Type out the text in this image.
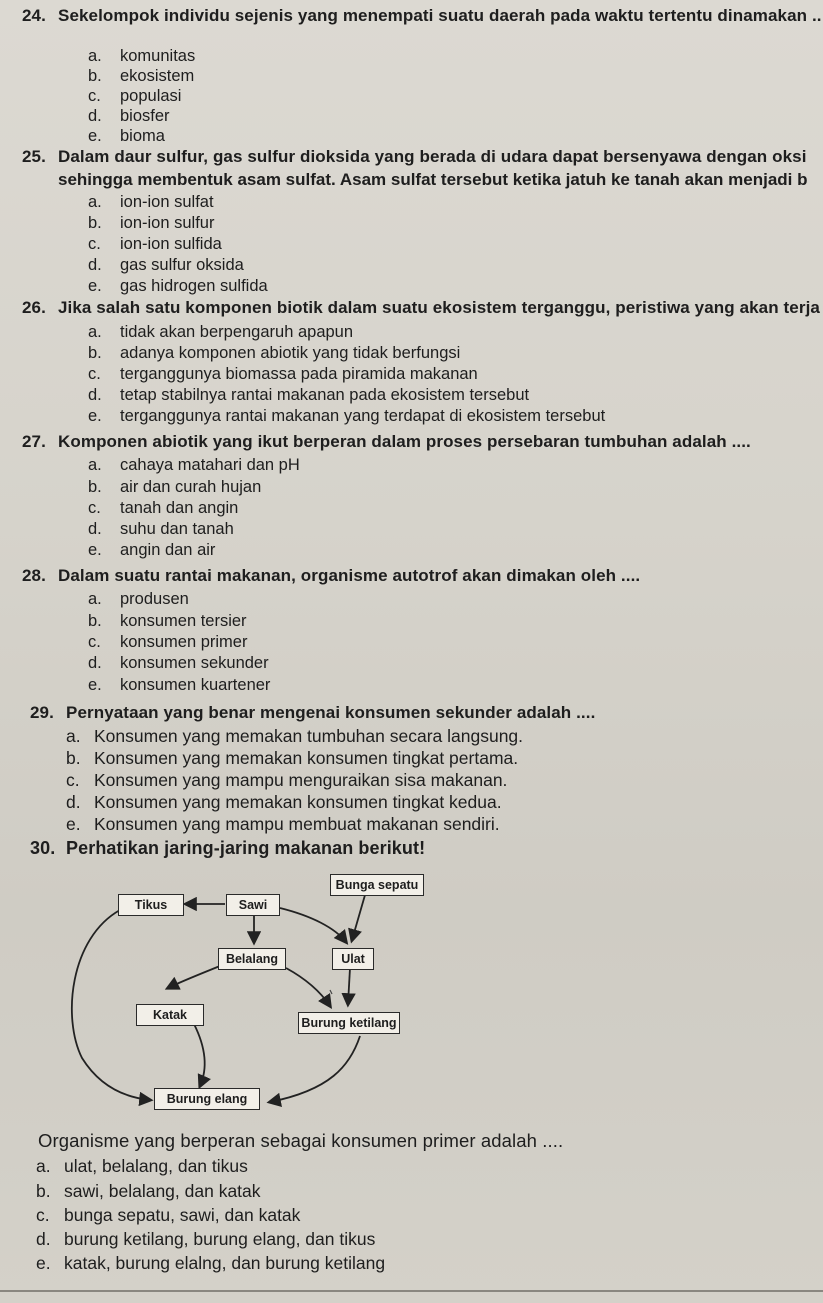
24. Sekelompok individu sejenis yang menempati suatu daerah pada waktu tertentu dinamakan ..
a. komunitas
b. ekosistem
c. populasi
d. biosfer
e. bioma
25. Dalam daur sulfur, gas sulfur dioksida yang berada di udara dapat bersenyawa dengan oksi
sehingga membentuk asam sulfat. Asam sulfat tersebut ketika jatuh ke tanah akan menjadi b
a. ion-ion sulfat
b. ion-ion sulfur
c. ion-ion sulfida
d. gas sulfur oksida
e. gas hidrogen sulfida
26. Jika salah satu komponen biotik dalam suatu ekosistem terganggu, peristiwa yang akan terja
a. tidak akan berpengaruh apapun
b. adanya komponen abiotik yang tidak berfungsi
c. terganggunya biomassa pada piramida makanan
d. tetap stabilnya rantai makanan pada ekosistem tersebut
e. terganggunya rantai makanan yang terdapat di ekosistem tersebut
27. Komponen abiotik yang ikut berperan dalam proses persebaran tumbuhan adalah ....
a. cahaya matahari dan pH
b. air dan curah hujan
c. tanah dan angin
d. suhu dan tanah
e. angin dan air
28. Dalam suatu rantai makanan, organisme autotrof akan dimakan oleh ....
a. produsen
b. konsumen tersier
c. konsumen primer
d. konsumen sekunder
e. konsumen kuartener
29. Pernyataan yang benar mengenai konsumen sekunder adalah ....
a. Konsumen yang memakan tumbuhan secara langsung.
b. Konsumen yang memakan konsumen tingkat pertama.
c. Konsumen yang mampu menguraikan sisa makanan.
d. Konsumen yang memakan konsumen tingkat kedua.
e. Konsumen yang mampu membuat makanan sendiri.
30. Perhatikan jaring-jaring makanan berikut!
Bunga sepatu
Tikus	Sawi
Belalang	Ulat
Katak
Burung ketilang
Burung elang
Organisme yang berperan sebagai konsumen primer adalah ....
a. ulat, belalang, dan tikus
b. sawi, belalang, dan katak
c. bunga sepatu, sawi, dan katak
d. burung ketilang, burung elang, dan tikus
e. katak, burung elalng, dan burung ketilang
